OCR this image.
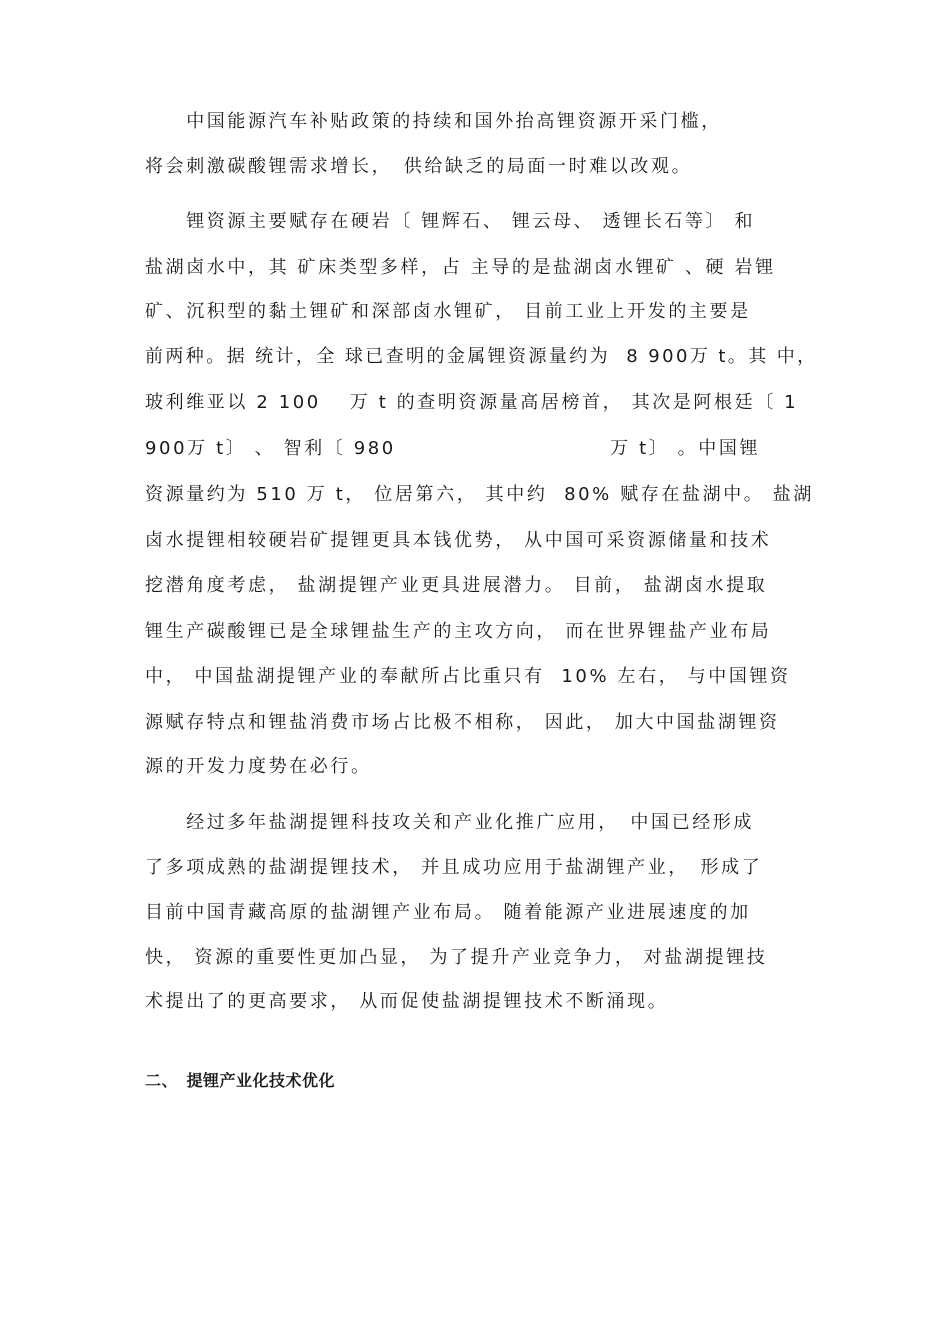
　　中国能源汽车补贴政策的持续和国外抬高锂资源开采门槛，

将会刺激碳酸锂需求增长，　供给缺乏的局面一时难以改观。

　　锂资源主要赋存在硬岩〔 锂辉石、 锂云母、 透锂长石等〕 和

盐湖卤水中，其 矿床类型多样，占 主导的是盐湖卤水锂矿 、硬 岩锂

矿、沉积型的黏土锂矿和深部卤水锂矿， 目前工业上开发的主要是

前两种。据 统计，全 球已查明的金属锂资源量约为  8 900万 t。其 中，

玻利维亚以 2 100　 万 t 的查明资源量高居榜首， 其次是阿根廷〔 1

900万 t〕 、 智利〔 980　　　　　　　　　　 万 t〕 。中国锂

资源量约为 510 万 t， 位居第六， 其中约  80% 赋存在盐湖中。 盐湖

卤水提锂相较硬岩矿提锂更具本钱优势， 从中国可采资源储量和技术

挖潜角度考虑， 盐湖提锂产业更具进展潜力。 目前， 盐湖卤水提取

锂生产碳酸锂已是全球锂盐生产的主攻方向， 而在世界锂盐产业布局

中， 中国盐湖提锂产业的奉献所占比重只有  10% 左右， 与中国锂资

源赋存特点和锂盐消费市场占比极不相称， 因此， 加大中国盐湖锂资

源的开发力度势在必行。

　　经过多年盐湖提锂科技攻关和产业化推广应用，　中国已经形成

了多项成熟的盐湖提锂技术， 并且成功应用于盐湖锂产业，　形成了

目前中国青藏高原的盐湖锂产业布局。 随着能源产业进展速度的加

快， 资源的重要性更加凸显， 为了提升产业竞争力， 对盐湖提锂技

术提出了的更高要求， 从而促使盐湖提锂技术不断涌现。

二、　提锂产业化技术优化
